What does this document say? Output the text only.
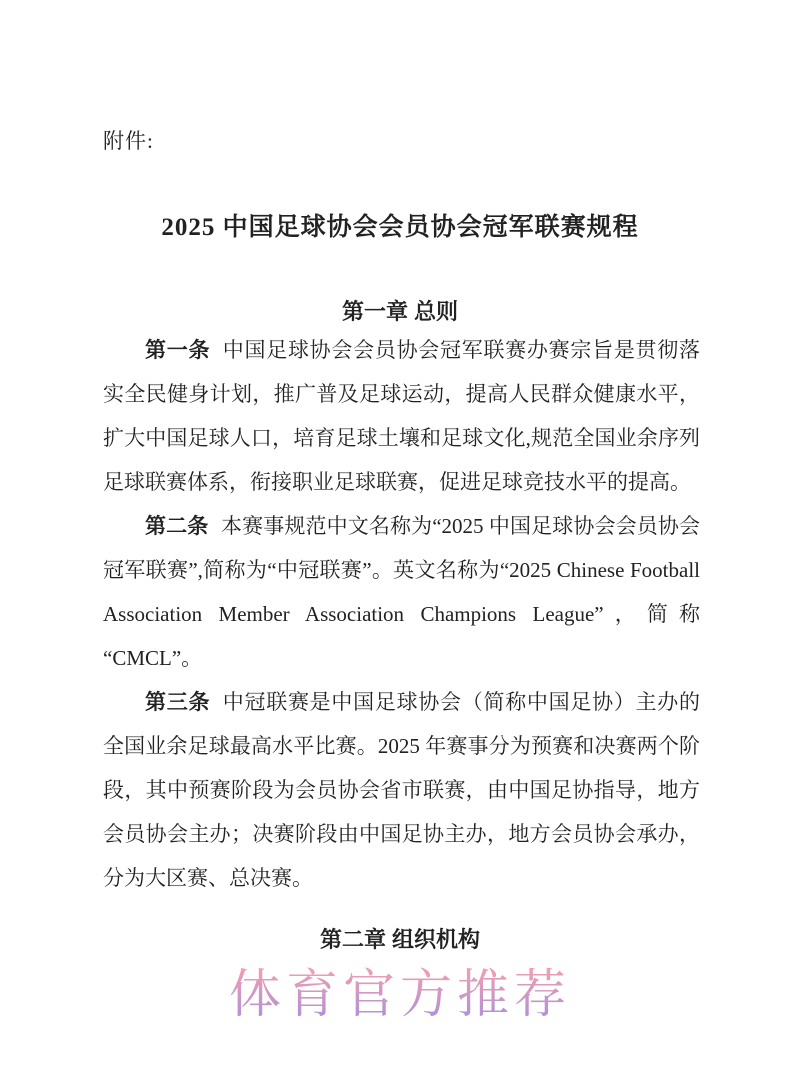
附件:
2025 中国足球协会会员协会冠军联赛规程
第一章 总则

第一条 中国足球协会会员协会冠军联赛办赛宗旨是贯彻落实全民健身计划，推广普及足球运动，提高人民群众健康水平，扩大中国足球人口，培育足球土壤和足球文化,规范全国业余序列足球联赛体系，衔接职业足球联赛，促进足球竞技水平的提高。

第二条 本赛事规范中文名称为“2025 中国足球协会会员协会冠军联赛”,简称为“中冠联赛”。英文名称为“2025 Chinese Football Association Member Association Champions League”，简称“CMCL”。

第三条 中冠联赛是中国足球协会（简称中国足协）主办的全国业余足球最高水平比赛。2025 年赛事分为预赛和决赛两个阶段，其中预赛阶段为会员协会省市联赛，由中国足协指导，地方会员协会主办；决赛阶段由中国足协主办，地方会员协会承办，分为大区赛、总决赛。

第二章 组织机构
体育官方推荐
